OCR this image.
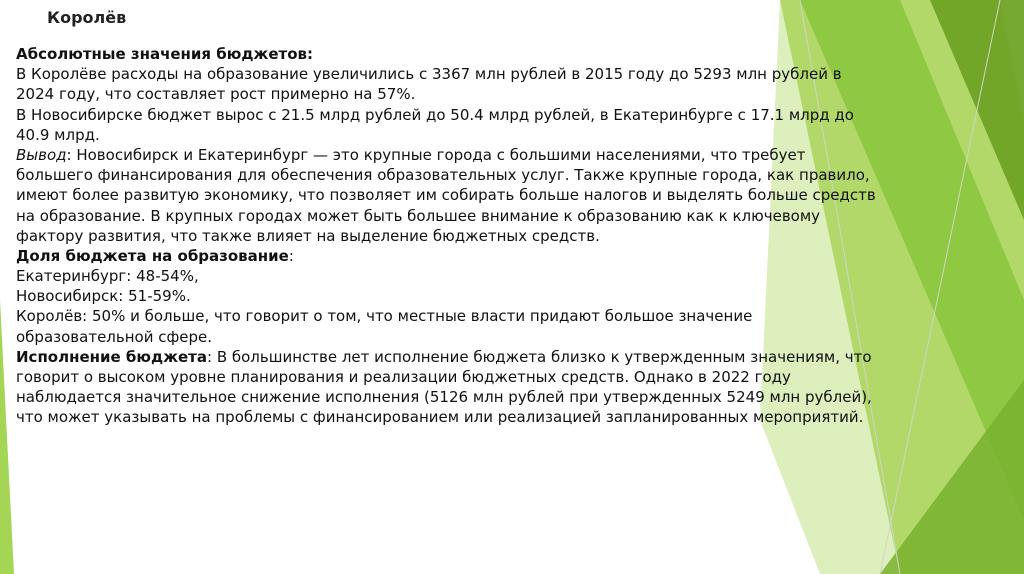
Королёв
Абсолютные значения бюджетов:
В Королёве расходы на образование увеличились с 3367 млн рублей в 2015 году до 5293 млн рублей в
2024 году, что составляет рост примерно на 57%.
В Новосибирске бюджет вырос с 21.5 млрд рублей до 50.4 млрд рублей, в Екатеринбурге с 17.1 млрд до
40.9 млрд.
Вывод: Новосибирск и Екатеринбург — это крупные города с большими населениями, что требует
большего финансирования для обеспечения образовательных услуг. Также крупные города, как правило,
имеют более развитую экономику, что позволяет им собирать больше налогов и выделять больше средств
на образование. В крупных городах может быть большее внимание к образованию как к ключевому
фактору развития, что также влияет на выделение бюджетных средств.
Доля бюджета на образование:
Екатеринбург: 48-54%,
Новосибирск: 51-59%.
Королёв: 50% и больше, что говорит о том, что местные власти придают большое значение
образовательной сфере.
Исполнение бюджета: В большинстве лет исполнение бюджета близко к утвержденным значениям, что
говорит о высоком уровне планирования и реализации бюджетных средств. Однако в 2022 году
наблюдается значительное снижение исполнения (5126 млн рублей при утвержденных 5249 млн рублей),
что может указывать на проблемы с финансированием или реализацией запланированных мероприятий.
